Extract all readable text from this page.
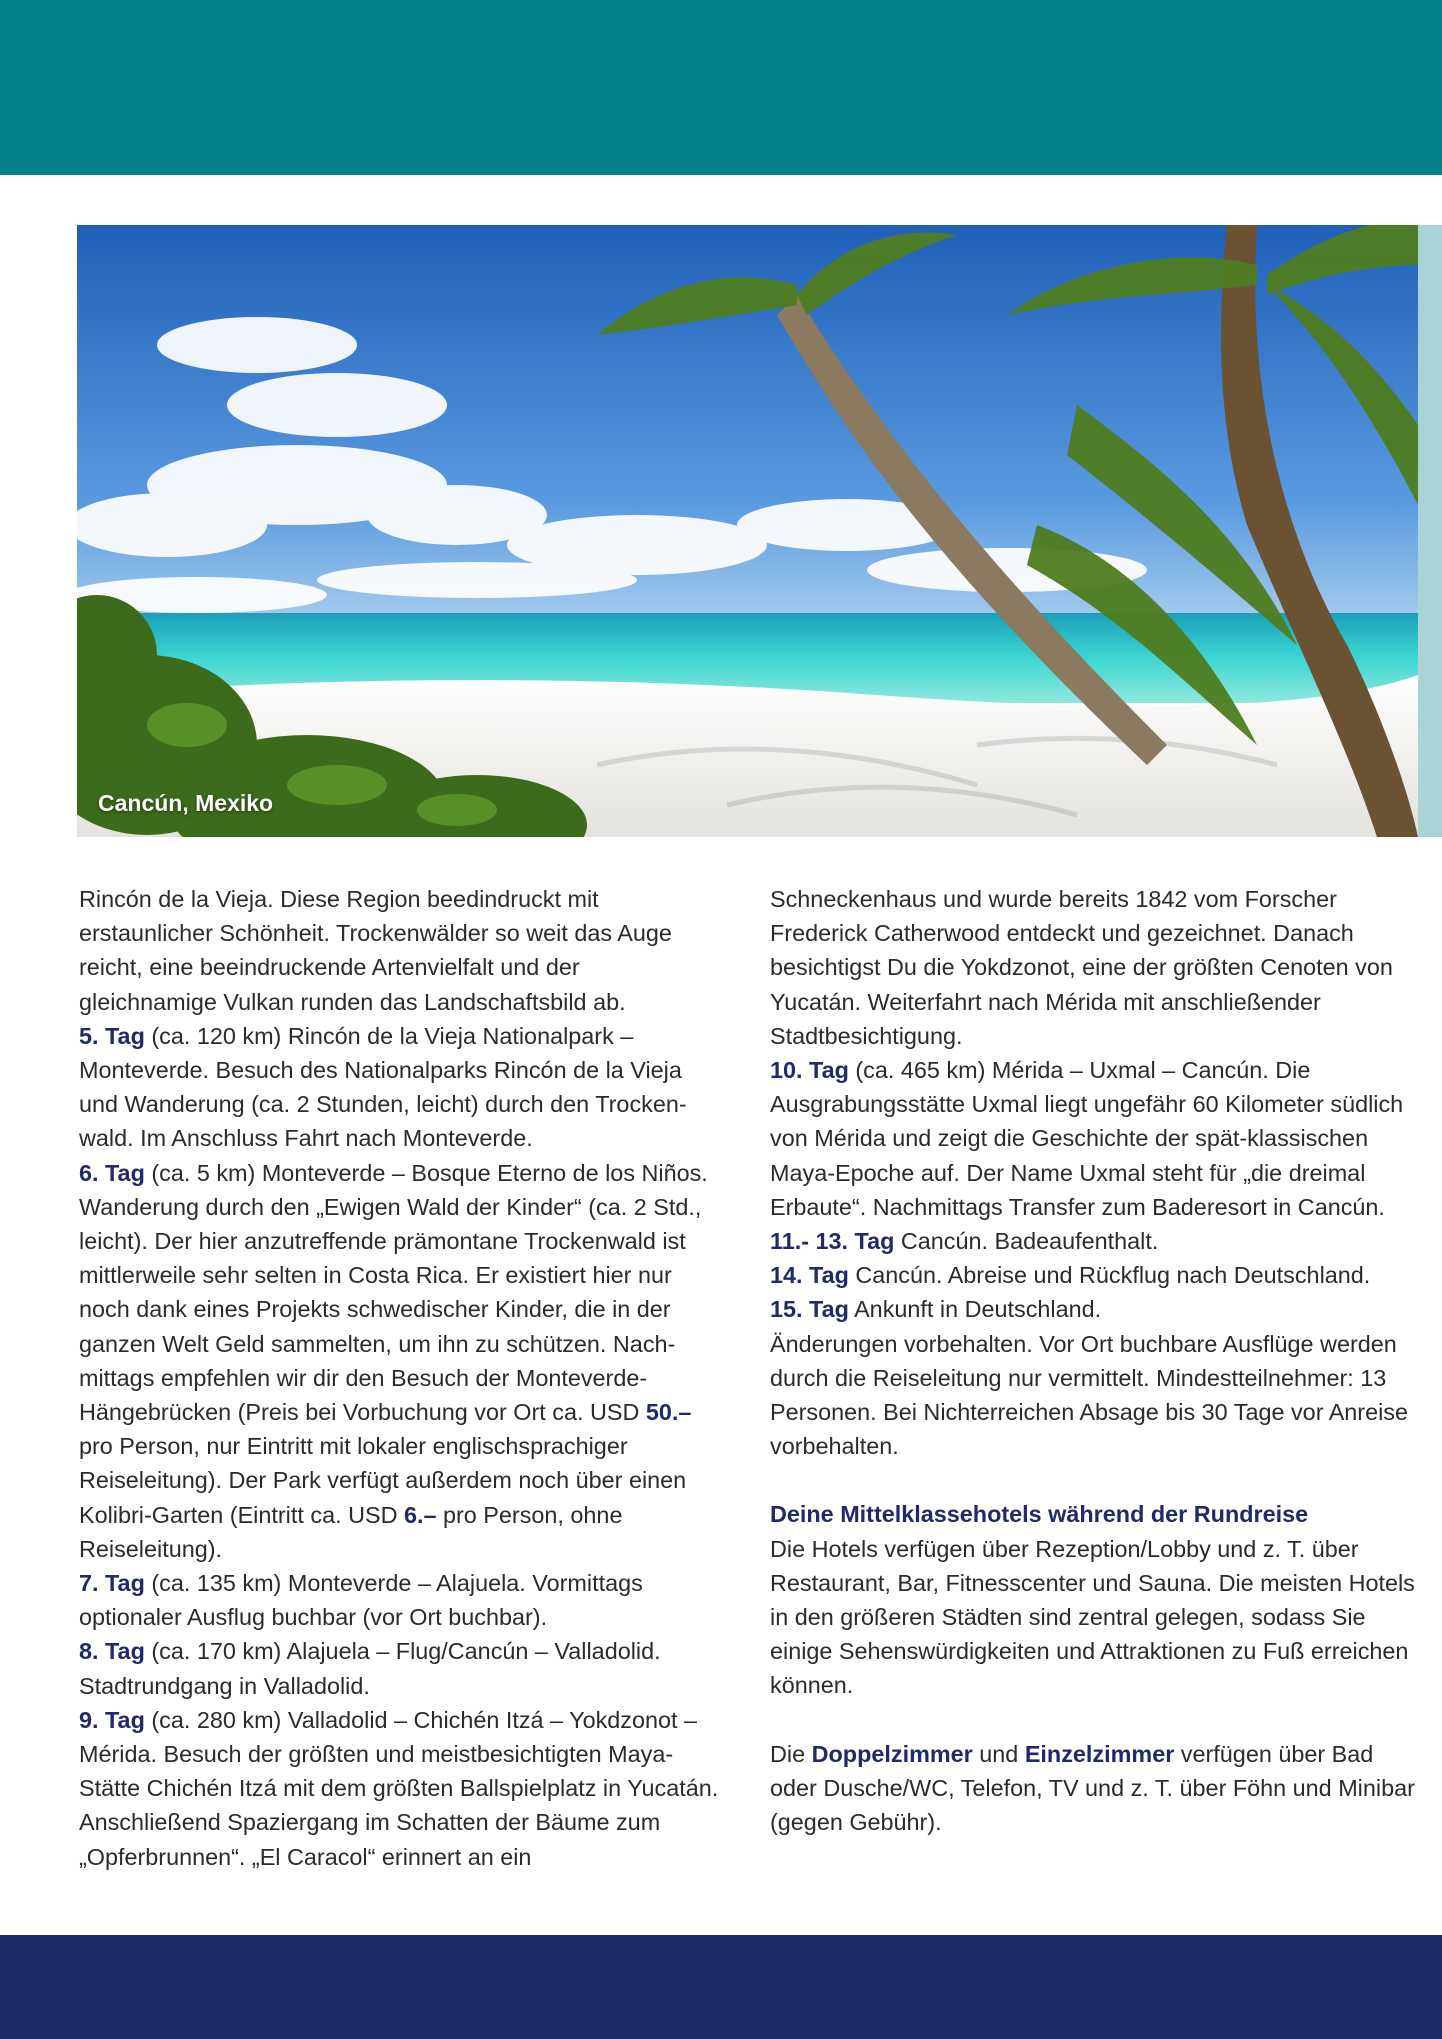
Cancún, Mexiko

Rincón de la Vieja. Diese Region beedindruckt mit erstaunlicher Schönheit. Trockenwälder so weit das Auge reicht, eine beeindruckende Artenvielfalt und der gleichnamige Vulkan runden das Landschaftsbild ab.

5. Tag (ca. 120 km) Rincón de la Vieja Nationalpark – Monteverde. Besuch des Nationalparks Rincón de la Vieja und Wanderung (ca. 2 Stunden, leicht) durch den Trocken-wald. Im Anschluss Fahrt nach Monteverde.

6. Tag (ca. 5 km) Monteverde – Bosque Eterno de los Niños. Wanderung durch den „Ewigen Wald der Kinder“ (ca. 2 Std., leicht). Der hier anzutreffende prämontane Trockenwald ist mittlerweile sehr selten in Costa Rica. Er existiert hier nur noch dank eines Projekts schwedischer Kinder, die in der ganzen Welt Geld sammelten, um ihn zu schützen. Nach-mittags empfehlen wir dir den Besuch der Monteverde-Hängebrücken (Preis bei Vorbuchung vor Ort ca. USD 50.– pro Person, nur Eintritt mit lokaler englischsprachiger Reiseleitung). Der Park verfügt außerdem noch über einen Kolibri-Garten (Eintritt ca. USD 6.– pro Person, ohne Reiseleitung).

7. Tag (ca. 135 km) Monteverde – Alajuela. Vormittags optionaler Ausflug buchbar (vor Ort buchbar).

8. Tag (ca. 170 km) Alajuela – Flug/Cancún – Valladolid. Stadtrundgang in Valladolid.

9. Tag (ca. 280 km) Valladolid – Chichén Itzá – Yokdzonot – Mérida. Besuch der größten und meistbesichtigten Maya-Stätte Chichén Itzá mit dem größten Ballspielplatz in Yucatán. Anschließend Spaziergang im Schatten der Bäume zum „Opferbrunnen“. „El Caracol“ erinnert an ein

Schneckenhaus und wurde bereits 1842 vom Forscher Frederick Catherwood entdeckt und gezeichnet. Danach besichtigst Du die Yokdzonot, eine der größten Cenoten von Yucatán. Weiterfahrt nach Mérida mit anschließender Stadtbesichtigung.

10. Tag (ca. 465 km) Mérida – Uxmal – Cancún. Die Ausgrabungsstätte Uxmal liegt ungefähr 60 Kilometer südlich von Mérida und zeigt die Geschichte der spät-klassischen Maya-Epoche auf. Der Name Uxmal steht für „die dreimal Erbaute“. Nachmittags Transfer zum Baderesort in Cancún.

11.- 13. Tag Cancún. Badeaufenthalt.

14. Tag Cancún. Abreise und Rückflug nach Deutschland.

15. Tag Ankunft in Deutschland.

Änderungen vorbehalten. Vor Ort buchbare Ausflüge werden durch die Reiseleitung nur vermittelt. Mindestteilnehmer: 13 Personen. Bei Nichterreichen Absage bis 30 Tage vor Anreise vorbehalten.

Deine Mittelklassehotels während der Rundreise

Die Hotels verfügen über Rezeption/Lobby und z. T. über Restaurant, Bar, Fitnesscenter und Sauna. Die meisten Hotels in den größeren Städten sind zentral gelegen, sodass Sie einige Sehenswürdigkeiten und Attraktionen zu Fuß erreichen können.

Die Doppelzimmer und Einzelzimmer verfügen über Bad oder Dusche/WC, Telefon, TV und z. T. über Föhn und Minibar (gegen Gebühr).
